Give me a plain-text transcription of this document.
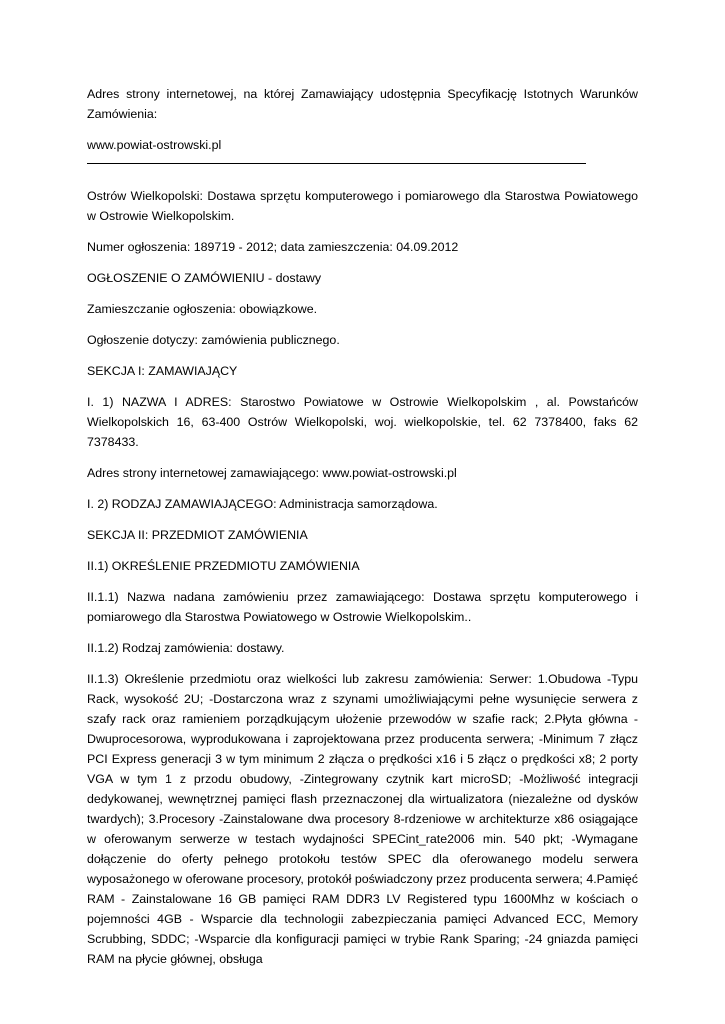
Adres strony internetowej, na której Zamawiający udostępnia Specyfikację Istotnych Warunków Zamówienia:

www.powiat-ostrowski.pl

Ostrów Wielkopolski: Dostawa sprzętu komputerowego i pomiarowego dla Starostwa Powiatowego w Ostrowie Wielkopolskim.

Numer ogłoszenia: 189719 - 2012; data zamieszczenia: 04.09.2012

OGŁOSZENIE O ZAMÓWIENIU - dostawy

Zamieszczanie ogłoszenia: obowiązkowe.

Ogłoszenie dotyczy: zamówienia publicznego.

SEKCJA I: ZAMAWIAJĄCY

I. 1) NAZWA I ADRES: Starostwo Powiatowe w Ostrowie Wielkopolskim , al. Powstańców Wielkopolskich 16, 63-400 Ostrów Wielkopolski, woj. wielkopolskie, tel. 62 7378400, faks 62 7378433.

Adres strony internetowej zamawiającego: www.powiat-ostrowski.pl

I. 2) RODZAJ ZAMAWIAJĄCEGO: Administracja samorządowa.

SEKCJA II: PRZEDMIOT ZAMÓWIENIA

II.1) OKREŚLENIE PRZEDMIOTU ZAMÓWIENIA

II.1.1) Nazwa nadana zamówieniu przez zamawiającego: Dostawa sprzętu komputerowego i pomiarowego dla Starostwa Powiatowego w Ostrowie Wielkopolskim..

II.1.2) Rodzaj zamówienia: dostawy.

II.1.3) Określenie przedmiotu oraz wielkości lub zakresu zamówienia: Serwer: 1.Obudowa -Typu Rack, wysokość 2U; -Dostarczona wraz z szynami umożliwiającymi pełne wysunięcie serwera z szafy rack oraz ramieniem porządkującym ułożenie przewodów w szafie rack; 2.Płyta główna - Dwuprocesorowa, wyprodukowana i zaprojektowana przez producenta serwera; -Minimum 7 złącz PCI Express generacji 3 w tym minimum 2 złącza o prędkości x16 i 5 złącz o prędkości x8; 2 porty VGA w tym 1 z przodu obudowy, -Zintegrowany czytnik kart microSD; -Możliwość integracji dedykowanej, wewnętrznej pamięci flash przeznaczonej dla wirtualizatora (niezależne od dysków twardych); 3.Procesory -Zainstalowane dwa procesory 8-rdzeniowe w architekturze x86 osiągające w oferowanym serwerze w testach wydajności SPECint_rate2006 min. 540 pkt; -Wymagane dołączenie do oferty pełnego protokołu testów SPEC dla oferowanego modelu serwera wyposażonego w oferowane procesory, protokół poświadczony przez producenta serwera; 4.Pamięć RAM - Zainstalowane 16 GB pamięci RAM DDR3 LV Registered typu 1600Mhz w kościach o pojemności 4GB - Wsparcie dla technologii zabezpieczania pamięci Advanced ECC, Memory Scrubbing, SDDC; -Wsparcie dla konfiguracji pamięci w trybie Rank Sparing; -24 gniazda pamięci RAM na płycie głównej, obsługa
